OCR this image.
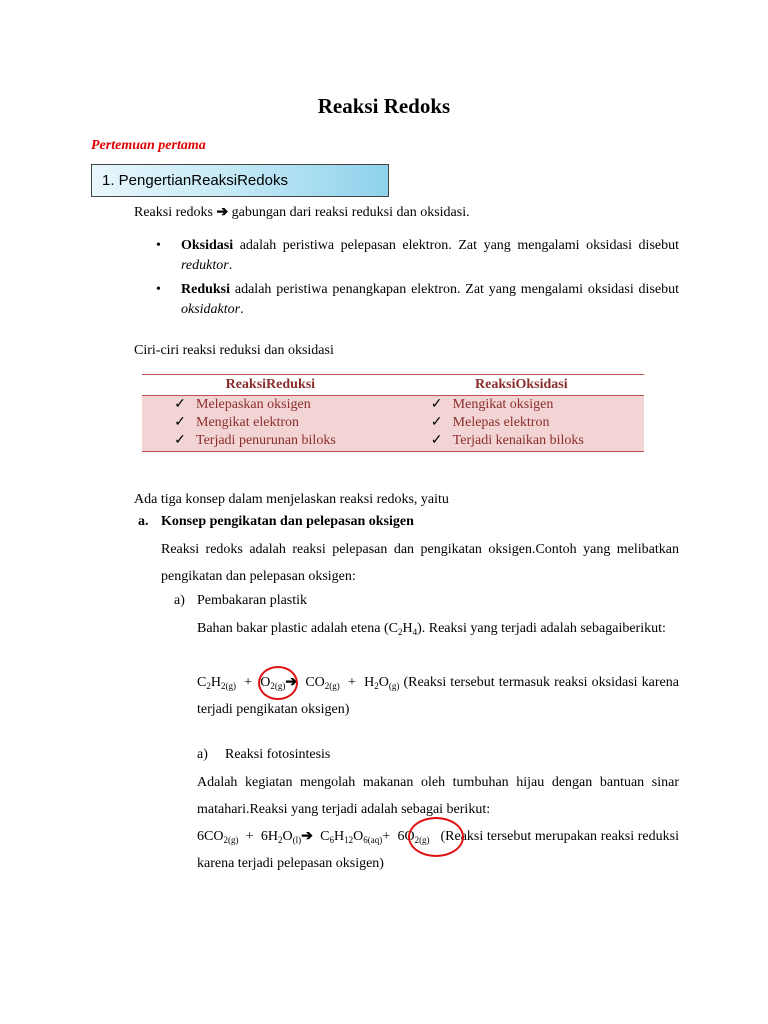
Reaksi Redoks
Pertemuan pertama
1. PengertianReaksiRedoks
Reaksi redoks ➔ gabungan dari reaksi reduksi dan oksidasi.
• Oksidasi adalah peristiwa pelepasan elektron. Zat yang mengalami oksidasi disebut reduktor.
• Reduksi adalah peristiwa penangkapan elektron. Zat yang mengalami oksidasi disebut oksidaktor.
Ciri-ciri reaksi reduksi dan oksidasi
ReaksiReduksi	ReaksiOksidasi
✓ Melepaskan oksigen	✓ Mengikat oksigen
✓ Mengikat elektron	✓ Melepas elektron
✓ Terjadi penurunan biloks	✓ Terjadi kenaikan biloks
Ada tiga konsep dalam menjelaskan reaksi redoks, yaitu
a. Konsep pengikatan dan pelepasan oksigen
Reaksi redoks adalah reaksi pelepasan dan pengikatan oksigen.Contoh yang melibatkan pengikatan dan pelepasan oksigen:
a) Pembakaran plastik
Bahan bakar plastic adalah etena $(C_2H_4)$. Reaksi yang terjadi adalah sebagaiberikut:
$C_2H_{2(g)}$  +  $O_{2(g)}➔$  $CO_{2(g)} + H_2O_{(g)}$ (Reaksi tersebut termasuk reaksi oksidasi karena terjadi pengikatan oksigen)
a) Reaksi fotosintesis
Adalah kegiatan mengolah makanan oleh tumbuhan hijau dengan bantuan sinar matahari.Reaksi yang terjadi adalah sebagai berikut:
$6CO_{2(g)}$  +  $6H_2O_{(l)}➔$  $C_6H_{12}O_{6(aq)}+ 6O_{2(g)}$ (Reaksi tersebut merupakan reaksi reduksi karena terjadi pelepasan oksigen)
